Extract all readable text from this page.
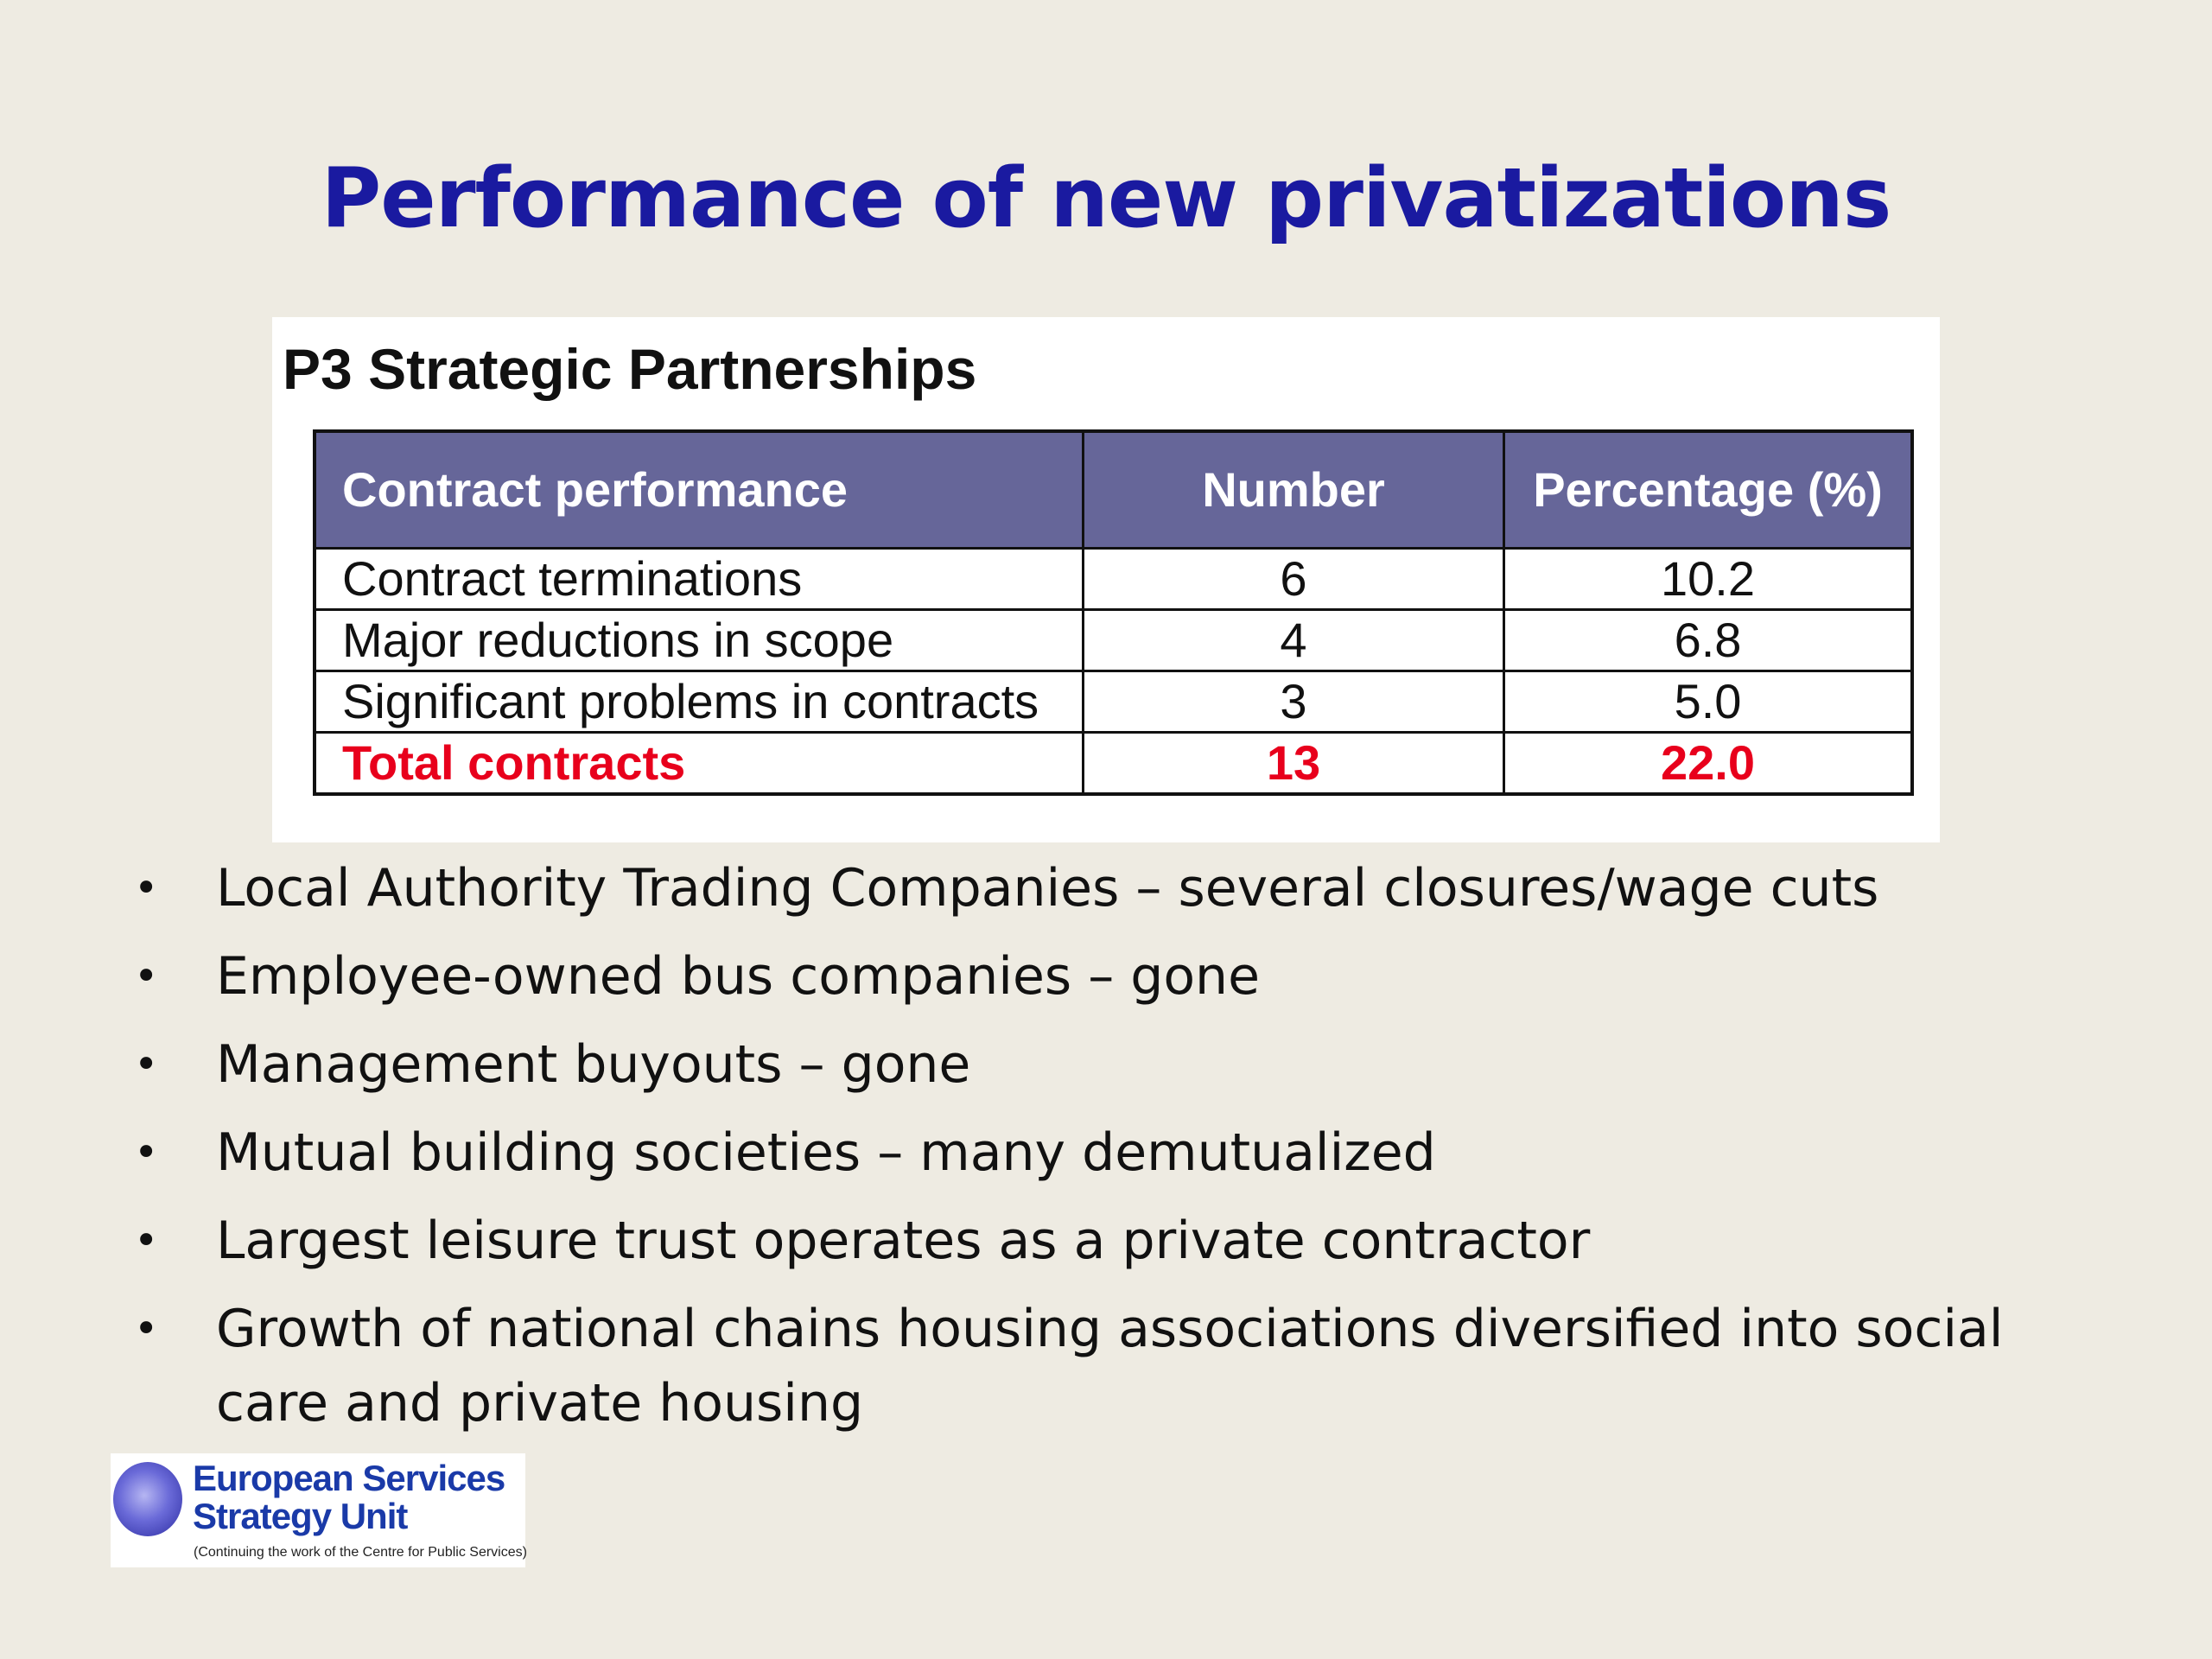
Performance of new privatizations
P3 Strategic Partnerships
Contract performance	Number	Percentage (%)
Contract terminations	6	10.2
Major reductions in scope	4	6.8
Significant problems in contracts	3	5.0
Total contracts	13	22.0
• Local Authority Trading Companies – several closures/wage cuts
• Employee-owned bus companies – gone
• Management buyouts – gone
• Mutual building societies – many demutualized
• Largest leisure trust operates as a private contractor
• Growth of national chains housing associations diversified into social care and private housing
European Services
Strategy Unit
(Continuing the work of the Centre for Public Services)
